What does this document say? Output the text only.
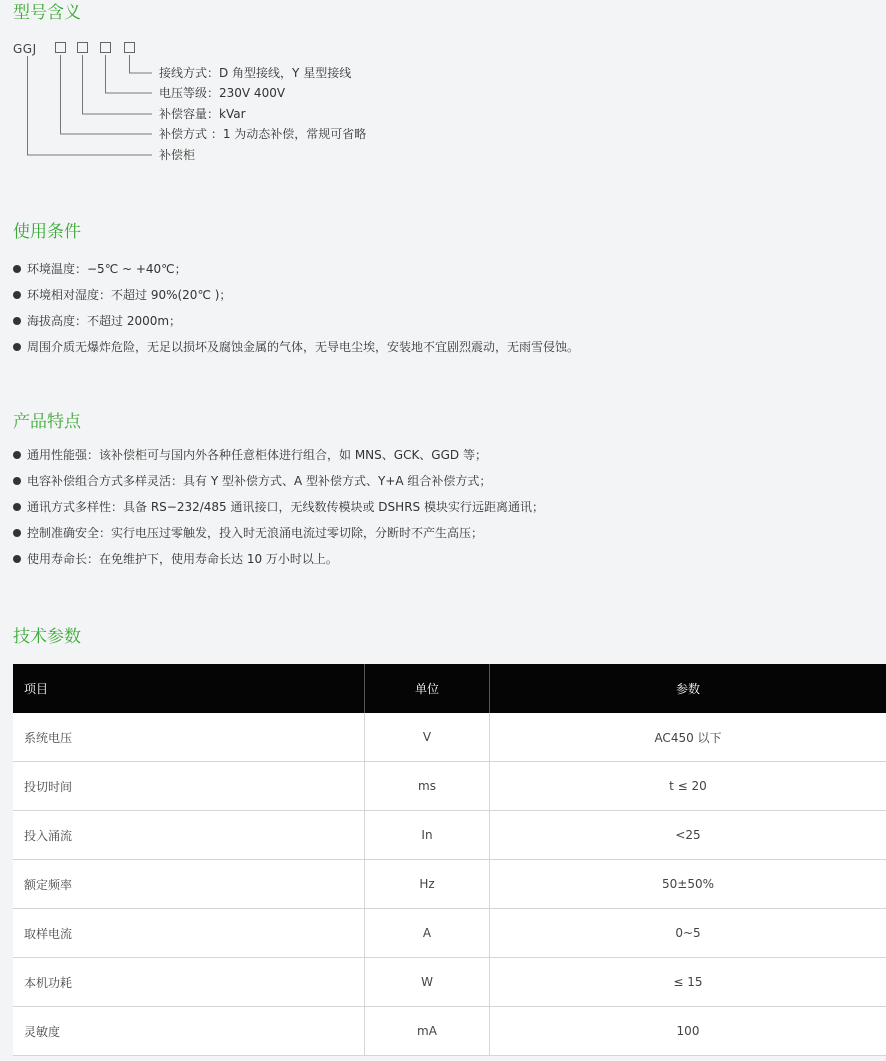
型号含义
GGJ
接线方式：D 角型接线，Y 星型接线
电压等级：230V 400V
补偿容量：kVar
补偿方式 ：1 为动态补偿，常规可省略
补偿柜
使用条件
环境温度：−5℃ ~ +40℃；
环境相对湿度：不超过 90%(20℃ )；
海拔高度：不超过 2000m；
周围介质无爆炸危险，无足以损坏及腐蚀金属的气体，无导电尘埃，安装地不宜剧烈震动，无雨雪侵蚀。
产品特点
通用性能强：该补偿柜可与国内外各种任意柜体进行组合，如 MNS、GCK、GGD 等；
电容补偿组合方式多样灵活：具有 Y 型补偿方式、A 型补偿方式、Y+A 组合补偿方式；
通讯方式多样性：具备 RS−232/485 通讯接口，无线数传模块或 DSHRS 模块实行远距离通讯；
控制准确安全：实行电压过零触发，投入时无浪涌电流过零切除，分断时不产生高压；
使用寿命长：在免维护下，使用寿命长达 10 万小时以上。
技术参数
项目	单位	参数
系统电压	V	AC450 以下
投切时间	ms	t ≤ 20
投入涌流	In	<25
额定频率	Hz	50±50%
取样电流	A	0~5
本机功耗	W	≤ 15
灵敏度	mA	100
